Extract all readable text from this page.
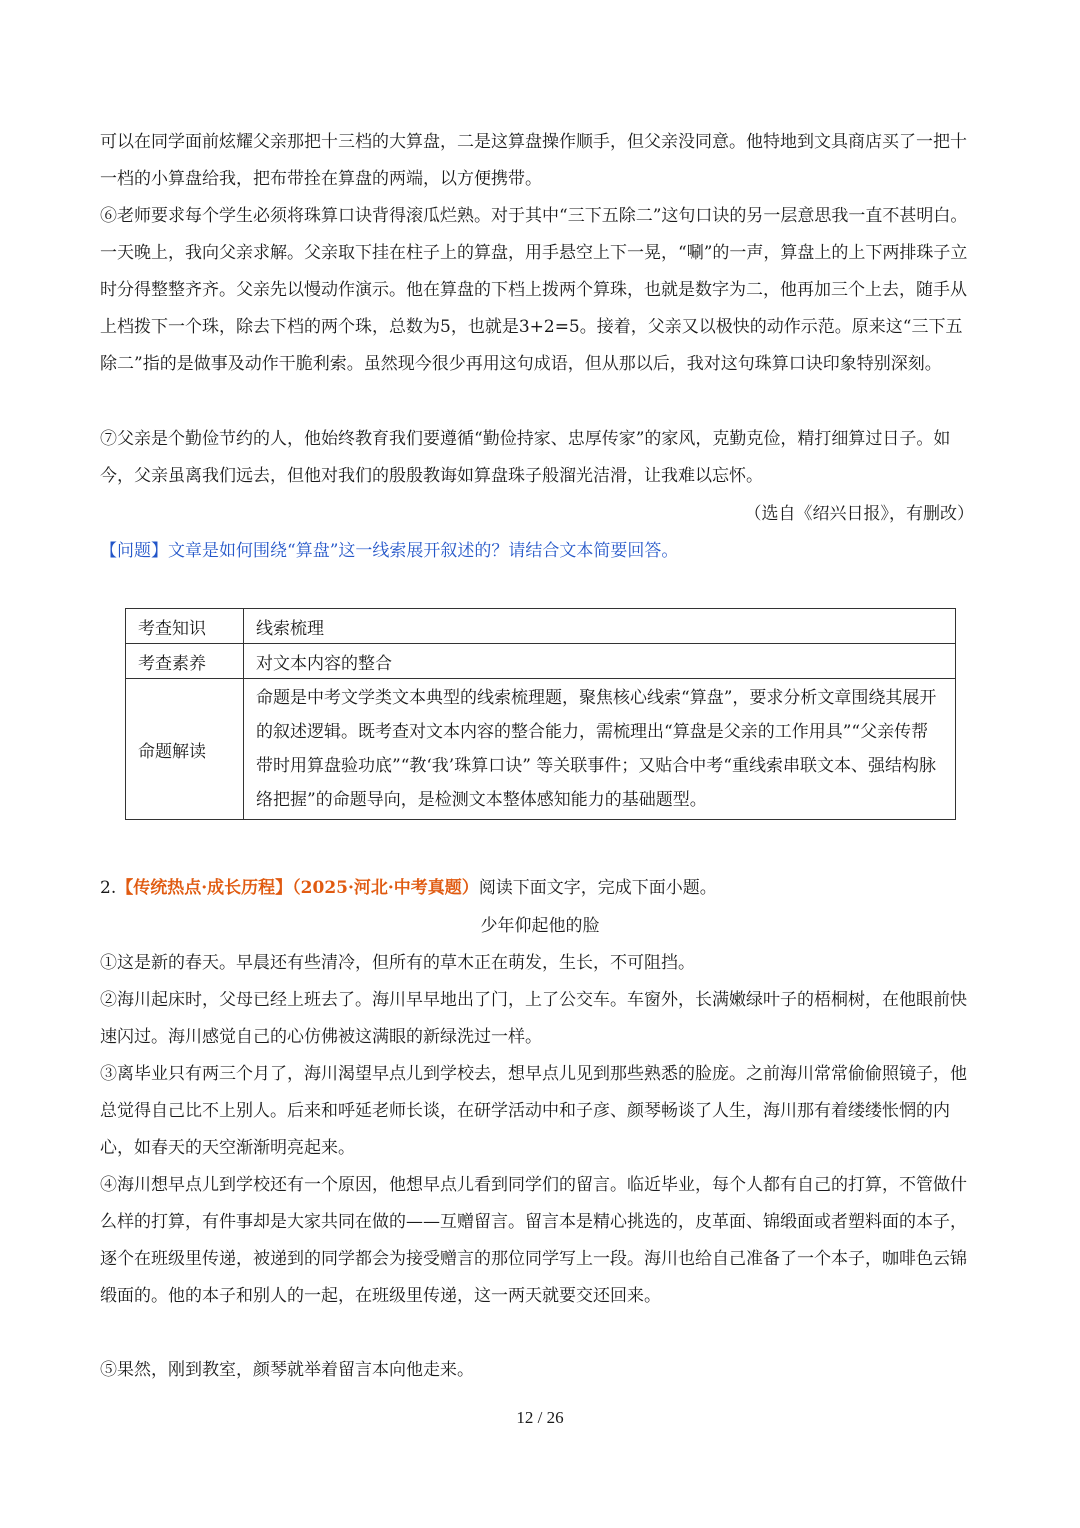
可以在同学面前炫耀父亲那把十三档的大算盘，二是这算盘操作顺手，但父亲没同意。他特地到文具商店买了一把十一档的小算盘给我，把布带拴在算盘的两端，以方便携带。

⑥老师要求每个学生必须将珠算口诀背得滚瓜烂熟。对于其中“三下五除二”这句口诀的另一层意思我一直不甚明白。一天晚上，我向父亲求解。父亲取下挂在柱子上的算盘，用手悬空上下一晃，“唰”的一声，算盘上的上下两排珠子立时分得整整齐齐。父亲先以慢动作演示。他在算盘的下档上拨两个算珠，也就是数字为二，他再加三个上去，随手从上档拨下一个珠，除去下档的两个珠，总数为5，也就是3+2=5。接着，父亲又以极快的动作示范。原来这“三下五除二”指的是做事及动作干脆利索。虽然现今很少再用这句成语，但从那以后，我对这句珠算口诀印象特别深刻。

⑦父亲是个勤俭节约的人，他始终教育我们要遵循“勤俭持家、忠厚传家”的家风，克勤克俭，精打细算过日子。如今，父亲虽离我们远去，但他对我们的殷殷教诲如算盘珠子般溜光洁滑，让我难以忘怀。

（选自《绍兴日报》，有删改）
【问题】文章是如何围绕“算盘”这一线索展开叙述的？请结合文本简要回答。
考查知识	线索梳理
考查素养	对文本内容的整合
命题解读	命题是中考文学类文本典型的线索梳理题，聚焦核心线索“算盘”，要求分析文章围绕其展开的叙述逻辑。既考查对文本内容的整合能力，需梳理出“算盘是父亲的工作用具”“父亲传帮带时用算盘验功底”“教‘我’珠算口诀” 等关联事件；又贴合中考“重线索串联文本、强结构脉络把握”的命题导向，是检测文本整体感知能力的基础题型。
2.【传统热点·成长历程】（2025·河北·中考真题）阅读下面文字，完成下面小题。
少年仰起他的脸

①这是新的春天。早晨还有些清冷，但所有的草木正在萌发，生长，不可阻挡。

②海川起床时，父母已经上班去了。海川早早地出了门，上了公交车。车窗外，长满嫩绿叶子的梧桐树，在他眼前快速闪过。海川感觉自己的心仿佛被这满眼的新绿洗过一样。

③离毕业只有两三个月了，海川渴望早点儿到学校去，想早点儿见到那些熟悉的脸庞。之前海川常常偷偷照镜子，他总觉得自己比不上别人。后来和呼延老师长谈，在研学活动中和子彦、颜琴畅谈了人生，海川那有着缕缕怅惘的内心，如春天的天空渐渐明亮起来。

④海川想早点儿到学校还有一个原因，他想早点儿看到同学们的留言。临近毕业，每个人都有自己的打算，不管做什么样的打算，有件事却是大家共同在做的——互赠留言。留言本是精心挑选的，皮革面、锦缎面或者塑料面的本子，逐个在班级里传递，被递到的同学都会为接受赠言的那位同学写上一段。海川也给自己准备了一个本子，咖啡色云锦缎面的。他的本子和别人的一起，在班级里传递，这一两天就要交还回来。

⑤果然，刚到教室，颜琴就举着留言本向他走来。

12 / 26
